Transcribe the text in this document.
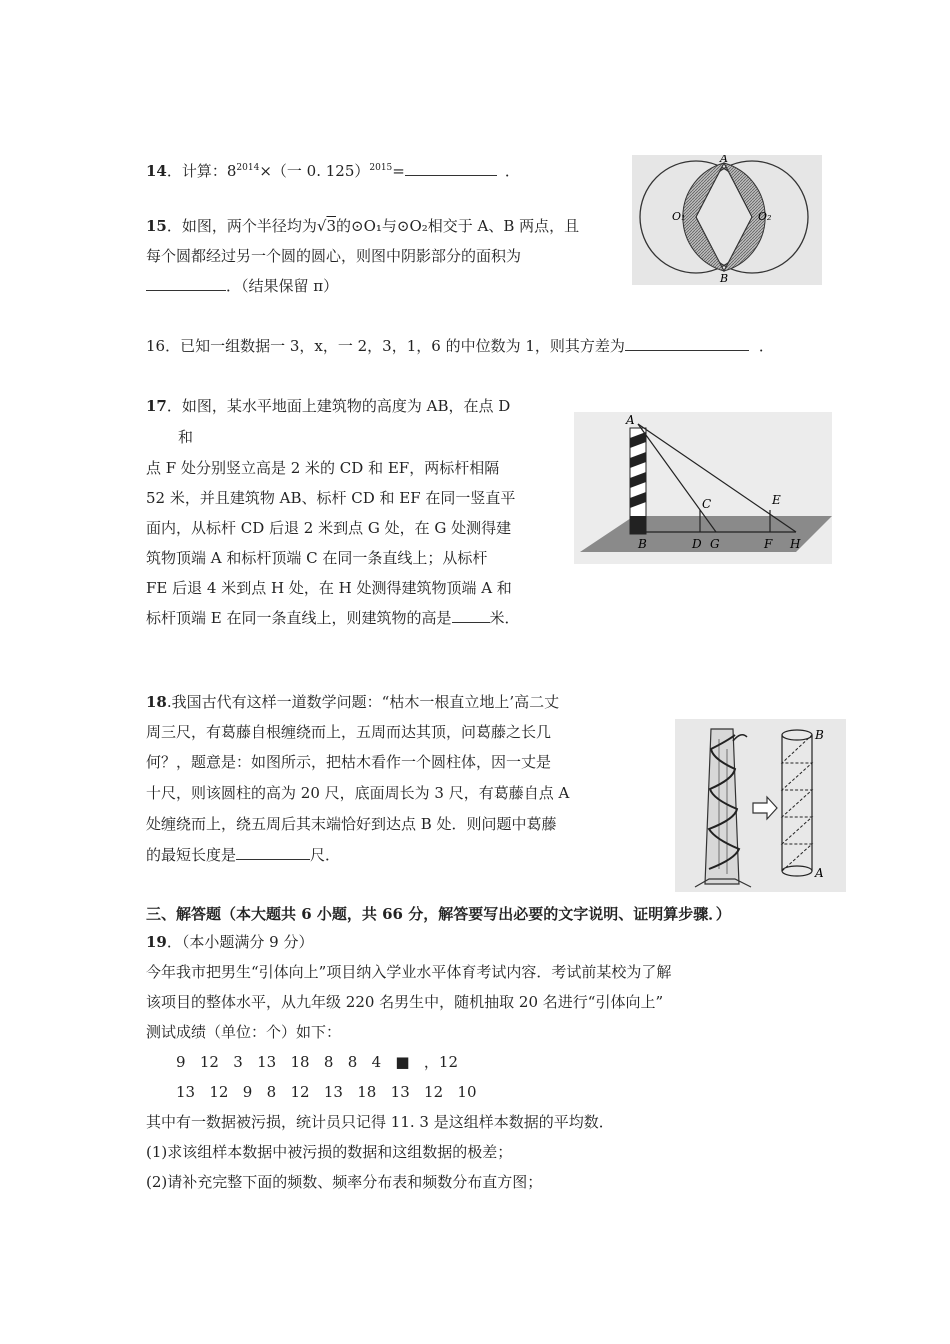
14．计算：$8^{2014}\times$（一 0. 125）$^{2015}$=	．
15．如图，两个半径均为√3的⊙O₁与⊙O₂相交于 A、B 两点，且
每个圆都经过另一个圆的圆心，则图中阴影部分的面积为
．（结果保留 π）
A
B
O₁	O₂
16．已知一组数据一 3，x，一 2，3，1，6 的中位数为 1，则其方差为	．
17．如图，某水平地面上建筑物的高度为 AB，在点 D
和
点 F 处分别竖立高是 2 米的 CD 和 EF，两标杆相隔
52 米，并且建筑物 AB、标杆 CD 和 EF 在同一竖直平
面内，从标杆 CD 后退 2 米到点 G 处，在 G 处测得建
筑物顶端 A 和标杆顶端 C 在同一条直线上；从标杆
FE 后退 4 米到点 H 处，在 H 处测得建筑物顶端 A 和
标杆顶端 E 在同一条直线上，则建筑物的高是	米．
A
B
C
D
E
F
G	H
18.我国古代有这样一道数学问题：“枯木一根直立地上’高二丈
周三尺，有葛藤自根缠绕而上，五周而达其顶，问葛藤之长几
何？，题意是：如图所示，把枯木看作一个圆柱体，因一丈是
十尺，则该圆柱的高为 20 尺，底面周长为 3 尺，有葛藤自点 A
处缠绕而上，绕五周后其末端恰好到达点 B 处．则问题中葛藤
的最短长度是	尺．
B
A
三、解答题（本大题共 6 小题，共 66 分，解答要写出必要的文字说明、证明算步骤．）
19．（本小题满分 9 分）
今年我市把男生“引体向上”项目纳入学业水平体育考试内容．考试前某校为了解
该项目的整体水平，从九年级 220 名男生中，随机抽取 20 名进行“引体向上”
测试成绩（单位：个）如下：
9   12   3   13   18   8   8   4 ■ ，12
13   12   9   8   12   13   18   13   12   10
其中有一数据被污损，统计员只记得 11. 3 是这组样本数据的平均数．
(1)求该组样本数据中被污损的数据和这组数据的极差；
(2)请补充完整下面的频数、频率分布表和频数分布直方图；
